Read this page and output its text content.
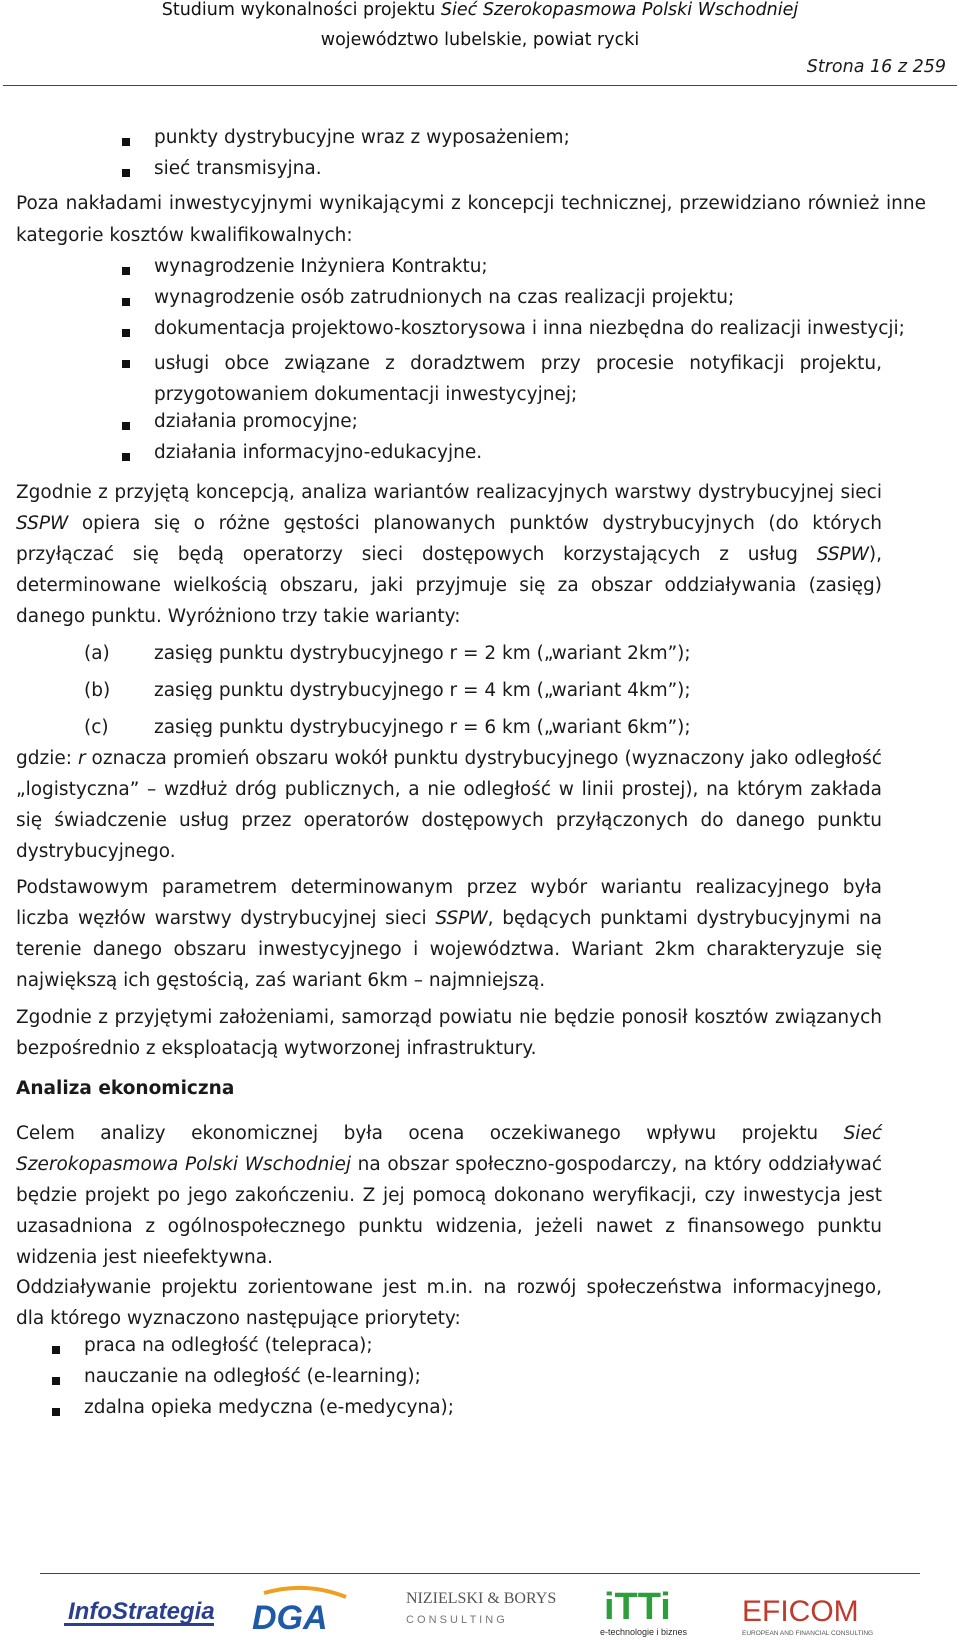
Studium wykonalności projektu Sieć Szerokopasmowa Polski Wschodniej
województwo lubelskie, powiat rycki
Strona 16 z 259
punkty dystrybucyjne wraz z wyposażeniem;
sieć transmisyjna.
Poza nakładami inwestycyjnymi wynikającymi z koncepcji technicznej, przewidziano również inne kategorie kosztów kwalifikowalnych:
wynagrodzenie Inżyniera Kontraktu;
wynagrodzenie osób zatrudnionych na czas realizacji projektu;
dokumentacja projektowo-kosztorysowa i inna niezbędna do realizacji inwestycji;
usługi obce związane z doradztwem przy procesie notyfikacji projektu, przygotowaniem dokumentacji inwestycyjnej;
działania promocyjne;
działania informacyjno-edukacyjne.
Zgodnie z przyjętą koncepcją, analiza wariantów realizacyjnych warstwy dystrybucyjnej sieci SSPW opiera się o różne gęstości planowanych punktów dystrybucyjnych (do których przyłączać się będą operatorzy sieci dostępowych korzystających z usług SSPW), determinowane wielkością obszaru, jaki przyjmuje się za obszar oddziaływania (zasięg) danego punktu. Wyróżniono trzy takie warianty:
(a) zasięg punktu dystrybucyjnego r = 2 km („wariant 2km”);
(b) zasięg punktu dystrybucyjnego r = 4 km („wariant 4km”);
(c) zasięg punktu dystrybucyjnego r = 6 km („wariant 6km”);
gdzie: r oznacza promień obszaru wokół punktu dystrybucyjnego (wyznaczony jako odległość „logistyczna” – wzdłuż dróg publicznych, a nie odległość w linii prostej), na którym zakłada się świadczenie usług przez operatorów dostępowych przyłączonych do danego punktu dystrybucyjnego.
Podstawowym parametrem determinowanym przez wybór wariantu realizacyjnego była liczba węzłów warstwy dystrybucyjnej sieci SSPW, będących punktami dystrybucyjnymi na terenie danego obszaru inwestycyjnego i województwa. Wariant 2km charakteryzuje się największą ich gęstością, zaś wariant 6km – najmniejszą.
Zgodnie z przyjętymi założeniami, samorząd powiatu nie będzie ponosił kosztów związanych bezpośrednio z eksploatacją wytworzonej infrastruktury.
Analiza ekonomiczna
Celem analizy ekonomicznej była ocena oczekiwanego wpływu projektu Sieć Szerokopasmowa Polski Wschodniej na obszar społeczno-gospodarczy, na który oddziaływać będzie projekt po jego zakończeniu. Z jej pomocą dokonano weryfikacji, czy inwestycja jest uzasadniona z ogólnospołecznego punktu widzenia, jeżeli nawet z finansowego punktu widzenia jest nieefektywna.
Oddziaływanie projektu zorientowane jest m.in. na rozwój społeczeństwa informacyjnego, dla którego wyznaczono następujące priorytety:
praca na odległość (telepraca);
nauczanie na odległość (e-learning);
zdalna opieka medyczna (e-medycyna);
InfoStrategia DGA
NIZIELSKI & BORYS
C O N S U L T I N G	iTTi
e-technologie i biznes
EFICOM
EUROPEAN AND FINANCIAL CONSULTING
